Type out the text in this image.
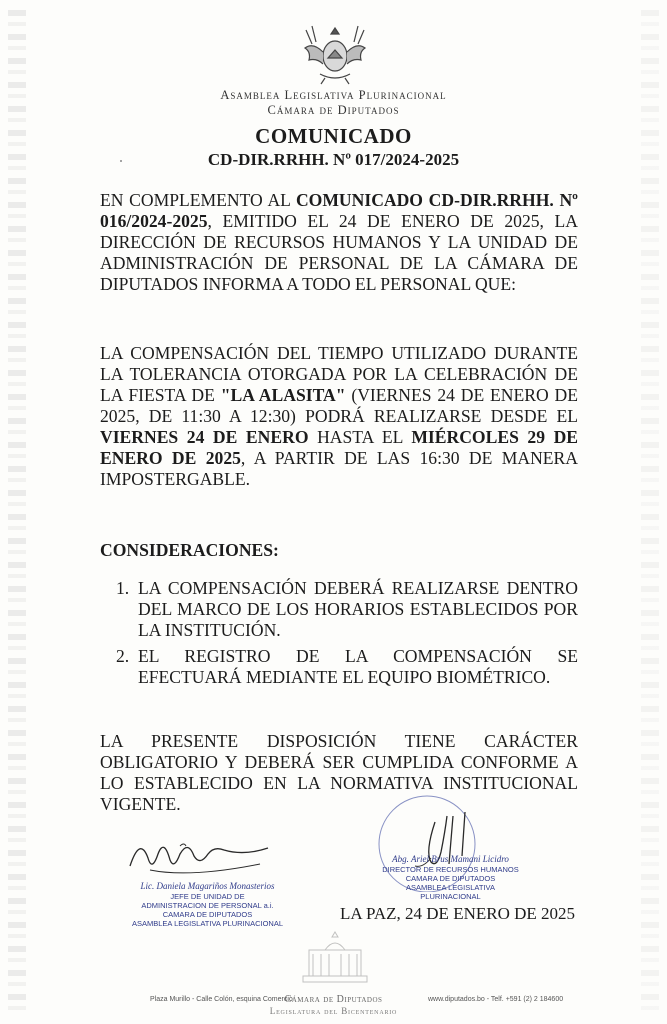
Asamblea Legislativa Plurinacional
Cámara de Diputados
COMUNICADO
CD-DIR.RRHH. Nº 017/2024-2025
EN COMPLEMENTO AL COMUNICADO CD-DIR.RRHH. Nº 016/2024-2025, EMITIDO EL 24 DE ENERO DE 2025, LA DIRECCIÓN DE RECURSOS HUMANOS Y LA UNIDAD DE ADMINISTRACIÓN DE PERSONAL DE LA CÁMARA DE DIPUTADOS INFORMA A TODO EL PERSONAL QUE:
LA COMPENSACIÓN DEL TIEMPO UTILIZADO DURANTE LA TOLERANCIA OTORGADA POR LA CELEBRACIÓN DE LA FIESTA DE "LA ALASITA" (VIERNES 24 DE ENERO DE 2025, DE 11:30 A 12:30) PODRÁ REALIZARSE DESDE EL VIERNES 24 DE ENERO HASTA EL MIÉRCOLES 29 DE ENERO DE 2025, A PARTIR DE LAS 16:30 DE MANERA IMPOSTERGABLE.
CONSIDERACIONES:
1. LA COMPENSACIÓN DEBERÁ REALIZARSE DENTRO DEL MARCO DE LOS HORARIOS ESTABLECIDOS POR LA INSTITUCIÓN.
2. EL REGISTRO DE LA COMPENSACIÓN SE EFECTUARÁ MEDIANTE EL EQUIPO BIOMÉTRICO.
LA PRESENTE DISPOSICIÓN TIENE CARÁCTER OBLIGATORIO Y DEBERÁ SER CUMPLIDA CONFORME A LO ESTABLECIDO EN LA NORMATIVA INSTITUCIONAL VIGENTE.
Lic. Daniela Magariños Monasterios
JEFE DE UNIDAD DE
ADMINISTRACION DE PERSONAL a.i.
CAMARA DE DIPUTADOS
ASAMBLEA LEGISLATIVA PLURINACIONAL
Abg. Ariel Brus Mamani Licidro
DIRECTOR DE RECURSOS HUMANOS
CAMARA DE DIPUTADOS
ASAMBLEA LEGISLATIVA PLURINACIONAL
LA PAZ, 24 DE ENERO DE 2025
Plaza Murillo - Calle Colón, esquina Comercio
Cámara de Diputados
Legislatura del Bicentenario
www.diputados.bo - Telf. +591 (2) 2 184600
